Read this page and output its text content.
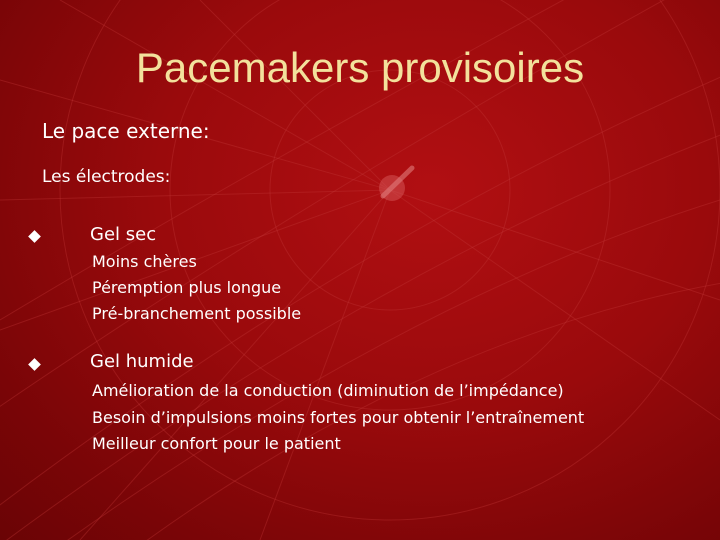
Pacemakers provisoires
Le pace externe:
Les électrodes:
Gel sec
Moins chères
Péremption plus longue
Pré-branchement possible
Gel humide
Amélioration de la conduction (diminution de l’impédance)
Besoin d’impulsions moins fortes pour obtenir l’entraînement
Meilleur confort pour le patient
